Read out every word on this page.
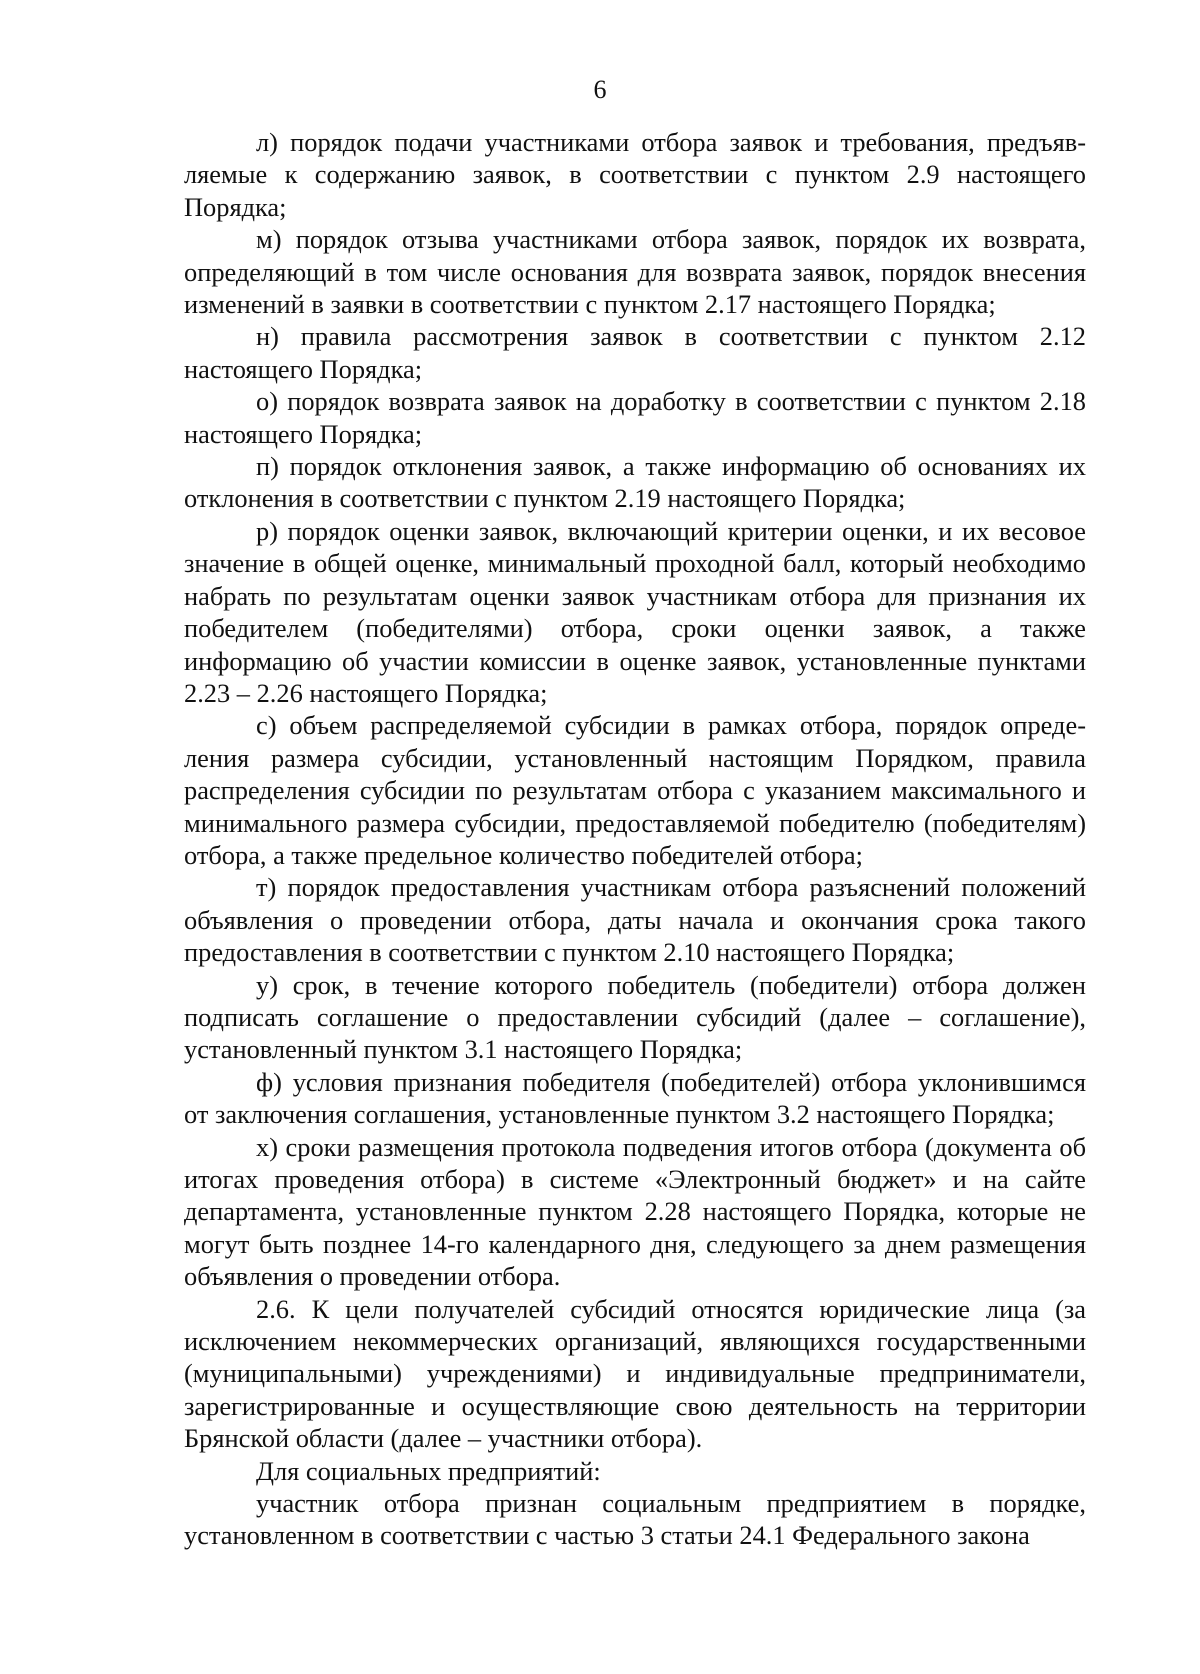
6

л) порядок подачи участниками отбора заявок и требования, предъявляемые к содержанию заявок, в соответствии с пунктом 2.9 настоящего Порядка;

м) порядок отзыва участниками отбора заявок, порядок их возврата, определяющий в том числе основания для возврата заявок, порядок внесения изменений в заявки в соответствии с пунктом 2.17 настоящего Порядка;

н) правила рассмотрения заявок в соответствии с пунктом 2.12 настоящего Порядка;

о) порядок возврата заявок на доработку в соответствии с пунктом 2.18 настоящего Порядка;

п) порядок отклонения заявок, а также информацию об основаниях их отклонения в соответствии с пунктом 2.19 настоящего Порядка;

р) порядок оценки заявок, включающий критерии оценки, и их весовое значение в общей оценке, минимальный проходной балл, который необходимо набрать по результатам оценки заявок участникам отбора для признания их победителем (победителями) отбора, сроки оценки заявок, а также информацию об участии комиссии в оценке заявок, установленные пунктами 2.23 – 2.26 настоящего Порядка;

с) объем распределяемой субсидии в рамках отбора, порядок определения размера субсидии, установленный настоящим Порядком, правила распределения субсидии по результатам отбора с указанием максимального и минимального размера субсидии, предоставляемой победителю (победителям) отбора, а также предельное количество победителей отбора;

т) порядок предоставления участникам отбора разъяснений положений объявления о проведении отбора, даты начала и окончания срока такого предоставления в соответствии с пунктом 2.10 настоящего Порядка;

у) срок, в течение которого победитель (победители) отбора должен подписать соглашение о предоставлении субсидий (далее – соглашение), установленный пунктом 3.1 настоящего Порядка;

ф) условия признания победителя (победителей) отбора уклонившимся от заключения соглашения, установленные пунктом 3.2 настоящего Порядка;

х) сроки размещения протокола подведения итогов отбора (документа об итогах проведения отбора) в системе «Электронный бюджет» и на сайте департамента, установленные пунктом 2.28 настоящего Порядка, которые не могут быть позднее 14-го календарного дня, следующего за днем размещения объявления о проведении отбора.

2.6. К цели получателей субсидий относятся юридические лица (за исключением некоммерческих организаций, являющихся государственными (муниципальными) учреждениями) и индивидуальные предприниматели, зарегистрированные и осуществляющие свою деятельность на территории Брянской области (далее – участники отбора).

Для социальных предприятий:

участник отбора признан социальным предприятием в порядке, установленном в соответствии с частью 3 статьи 24.1 Федерального закона
